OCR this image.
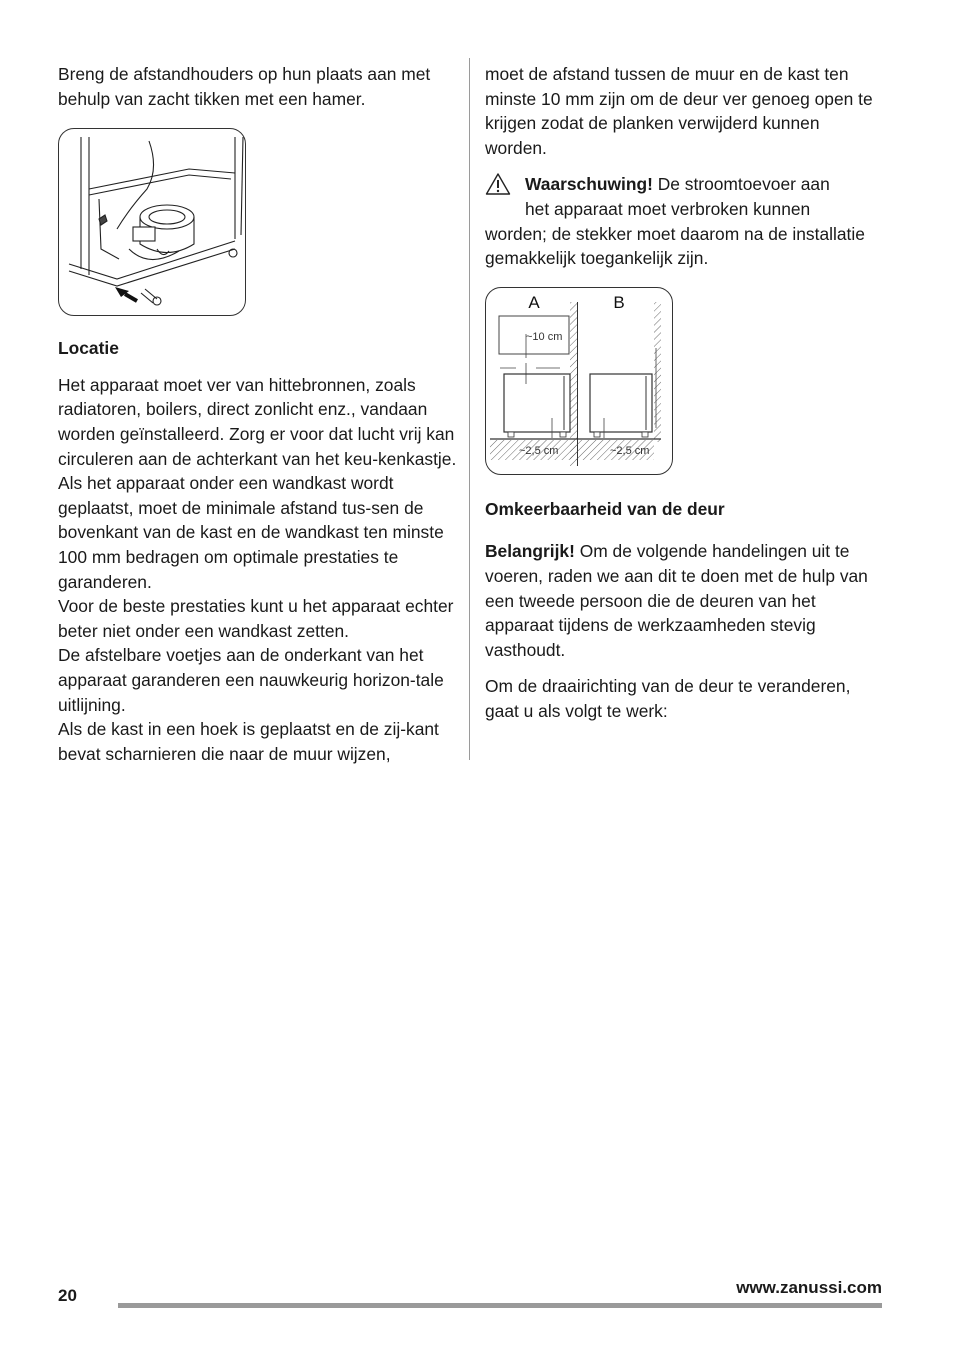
Breng de afstandhouders op hun plaats aan met behulp van zacht tikken met een hamer.

Locatie

Het apparaat moet ver van hittebronnen, zoals radiatoren, boilers, direct zonlicht enz., vandaan worden geïnstalleerd. Zorg er voor dat lucht vrij kan circuleren aan de achterkant van het keu-kenkastje. Als het apparaat onder een wandkast wordt geplaatst, moet de minimale afstand tus-sen de bovenkant van de kast en de wandkast ten minste 100 mm bedragen om optimale prestaties te garanderen.

Voor de beste prestaties kunt u het apparaat echter beter niet onder een wandkast zetten.

De afstelbare voetjes aan de onderkant van het apparaat garanderen een nauwkeurig horizon-tale uitlijning.

Als de kast in een hoek is geplaatst en de zij-kant bevat scharnieren die naar de muur wijzen,

moet de afstand tussen de muur en de kast ten minste 10 mm zijn om de deur ver genoeg open te krijgen zodat de planken verwijderd kunnen worden.

Waarschuwing! De stroomtoevoer aan
het apparaat moet verbroken kunnen
worden; de stekker moet daarom na de installatie gemakkelijk toegankelijk zijn.
A	B
~10 cm
~2,5 cm	~2,5 cm
Omkeerbaarheid van de deur

Belangrijk! Om de volgende handelingen uit te voeren, raden we aan dit te doen met de hulp van een tweede persoon die de deuren van het apparaat tijdens de werkzaamheden stevig vasthoudt.

Om de draairichting van de deur te veranderen, gaat u als volgt te werk:

20	www.zanussi.com
